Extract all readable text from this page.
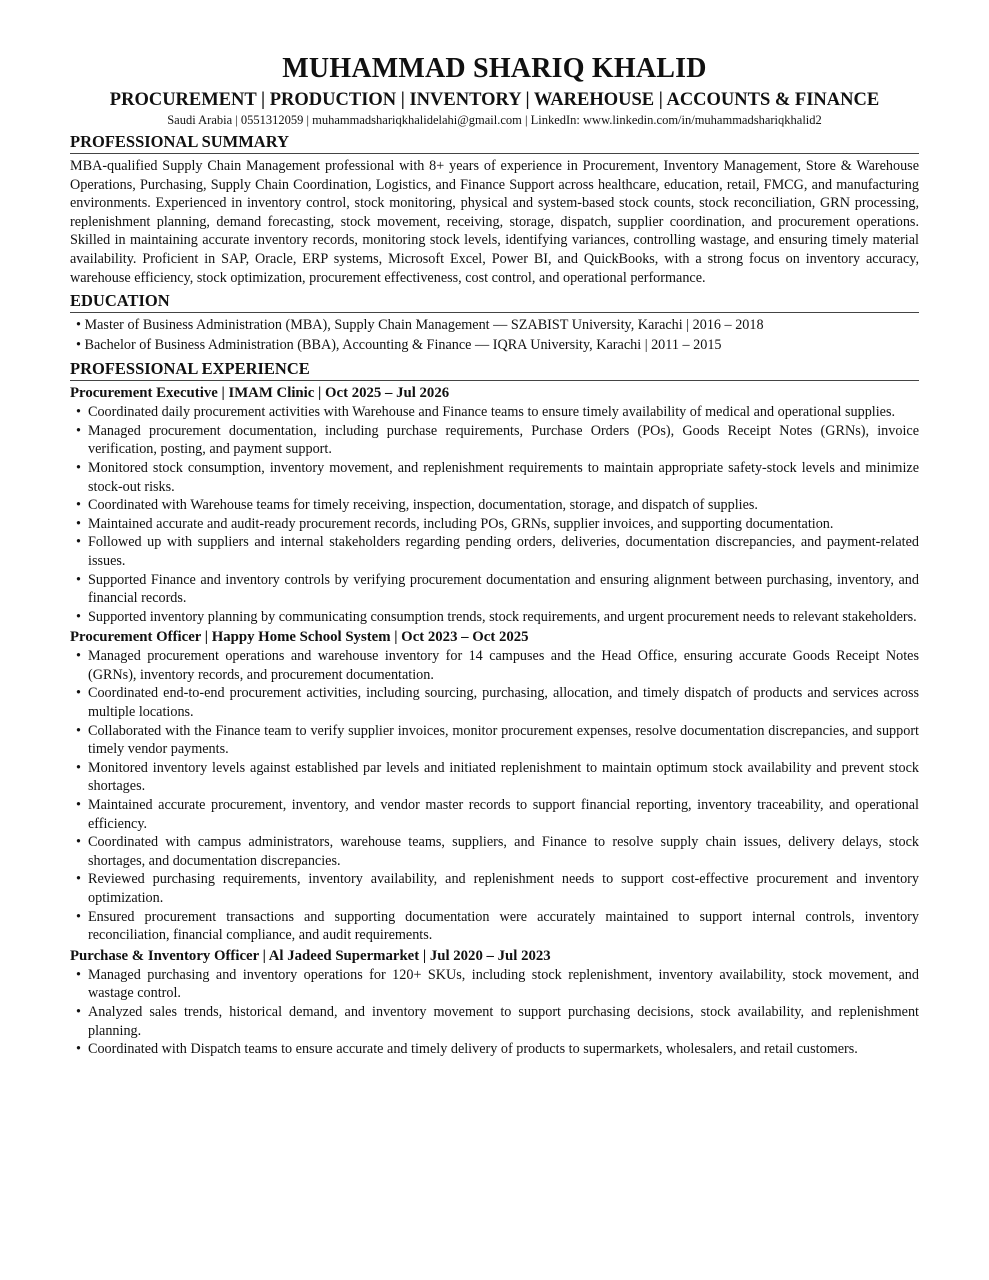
MUHAMMAD SHARIQ KHALID
PROCUREMENT | PRODUCTION | INVENTORY | WAREHOUSE | ACCOUNTS & FINANCE
Saudi Arabia | 0551312059 | muhammadshariqkhalidelahi@gmail.com | LinkedIn: www.linkedin.com/in/muhammadshariqkhalid2
PROFESSIONAL SUMMARY

MBA-qualified Supply Chain Management professional with 8+ years of experience in Procurement, Inventory Management, Store & Warehouse Operations, Purchasing, Supply Chain Coordination, Logistics, and Finance Support across healthcare, education, retail, FMCG, and manufacturing environments. Experienced in inventory control, stock monitoring, physical and system-based stock counts, stock reconciliation, GRN processing, replenishment planning, demand forecasting, stock movement, receiving, storage, dispatch, supplier coordination, and procurement operations. Skilled in maintaining accurate inventory records, monitoring stock levels, identifying variances, controlling wastage, and ensuring timely material availability. Proficient in SAP, Oracle, ERP systems, Microsoft Excel, Power BI, and QuickBooks, with a strong focus on inventory accuracy, warehouse efficiency, stock optimization, procurement effectiveness, cost control, and operational performance.

EDUCATION
• Master of Business Administration (MBA), Supply Chain Management — SZABIST University, Karachi | 2016 – 2018
• Bachelor of Business Administration (BBA), Accounting & Finance — IQRA University, Karachi | 2011 – 2015
PROFESSIONAL EXPERIENCE
Procurement Executive | IMAM Clinic | Oct 2025 – Jul 2026
• Coordinated daily procurement activities with Warehouse and Finance teams to ensure timely availability of medical and operational supplies.
• Managed procurement documentation, including purchase requirements, Purchase Orders (POs), Goods Receipt Notes (GRNs), invoice verification, posting, and payment support.
• Monitored stock consumption, inventory movement, and replenishment requirements to maintain appropriate safety-stock levels and minimize stock-out risks.
• Coordinated with Warehouse teams for timely receiving, inspection, documentation, storage, and dispatch of supplies.
• Maintained accurate and audit-ready procurement records, including POs, GRNs, supplier invoices, and supporting documentation.
• Followed up with suppliers and internal stakeholders regarding pending orders, deliveries, documentation discrepancies, and payment-related issues.
• Supported Finance and inventory controls by verifying procurement documentation and ensuring alignment between purchasing, inventory, and financial records.
• Supported inventory planning by communicating consumption trends, stock requirements, and urgent procurement needs to relevant stakeholders.
Procurement Officer | Happy Home School System | Oct 2023 – Oct 2025
• Managed procurement operations and warehouse inventory for 14 campuses and the Head Office, ensuring accurate Goods Receipt Notes (GRNs), inventory records, and procurement documentation.
• Coordinated end-to-end procurement activities, including sourcing, purchasing, allocation, and timely dispatch of products and services across multiple locations.
• Collaborated with the Finance team to verify supplier invoices, monitor procurement expenses, resolve documentation discrepancies, and support timely vendor payments.
• Monitored inventory levels against established par levels and initiated replenishment to maintain optimum stock availability and prevent stock shortages.
• Maintained accurate procurement, inventory, and vendor master records to support financial reporting, inventory traceability, and operational efficiency.
• Coordinated with campus administrators, warehouse teams, suppliers, and Finance to resolve supply chain issues, delivery delays, stock shortages, and documentation discrepancies.
• Reviewed purchasing requirements, inventory availability, and replenishment needs to support cost-effective procurement and inventory optimization.
• Ensured procurement transactions and supporting documentation were accurately maintained to support internal controls, inventory reconciliation, financial compliance, and audit requirements.
Purchase & Inventory Officer | Al Jadeed Supermarket | Jul 2020 – Jul 2023
• Managed purchasing and inventory operations for 120+ SKUs, including stock replenishment, inventory availability, stock movement, and wastage control.
• Analyzed sales trends, historical demand, and inventory movement to support purchasing decisions, stock availability, and replenishment planning.
• Coordinated with Dispatch teams to ensure accurate and timely delivery of products to supermarkets, wholesalers, and retail customers.
